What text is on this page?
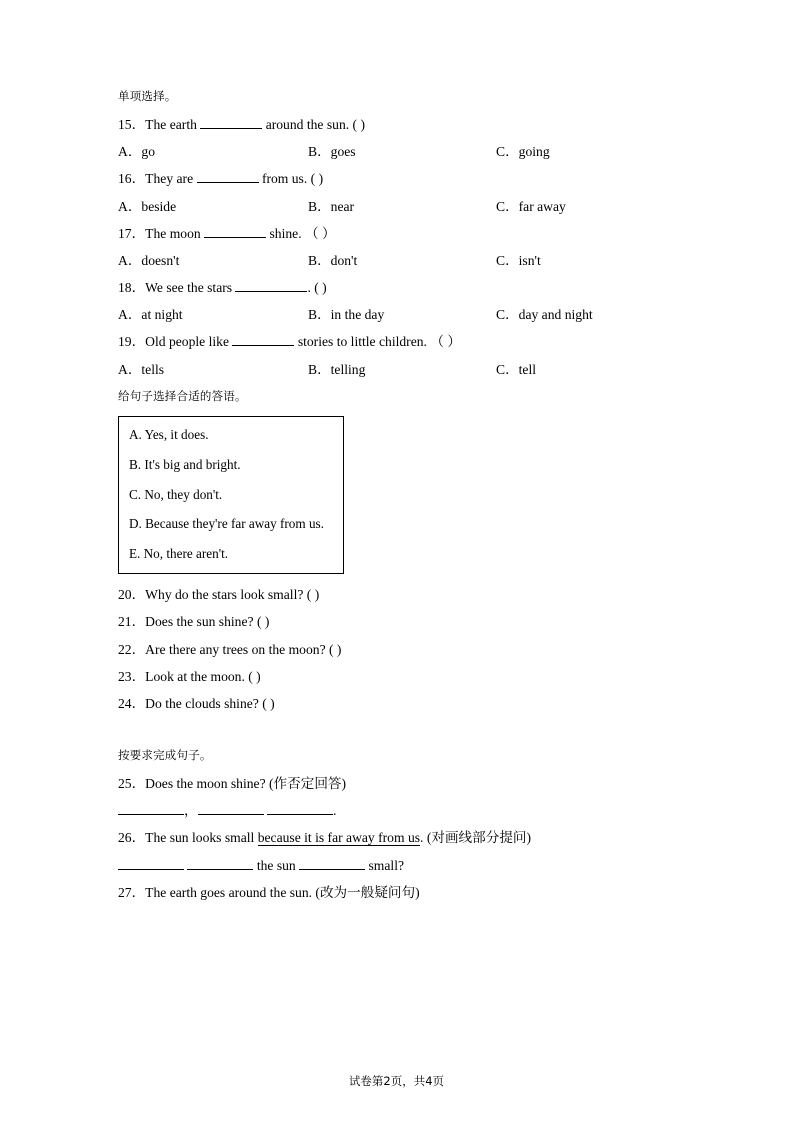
单项选择。
15．The earth	around the sun. ( )
A．go	B．goes	C．going
16．They are	from us. ( )
A．beside	B．near	C．far away
17．The moon	shine. （ ）
A．doesn't	B．don't	C．isn't
18．We see the stars	. ( )
A．at night	B．in the day	C．day and night
19．Old people like	stories to little children. （ ）
A．tells	B．telling	C．tell
给句子选择合适的答语。
A. Yes, it does.
B. It's big and bright.
C. No, they don't.
D. Because they're far away from us.
E. No, there aren't.
20．Why do the stars look small? ( )
21．Does the sun shine? ( )
22．Are there any trees on the moon? ( )
23．Look at the moon. ( )
24．Do the clouds shine? ( )
按要求完成句子。
25．Does the moon shine? (作否定回答)
，	.
26．The sun looks small because it is far away from us. (对画线部分提问)
the sun	small?
27．The earth goes around the sun. (改为一般疑问句)
试卷第2页，共4页
